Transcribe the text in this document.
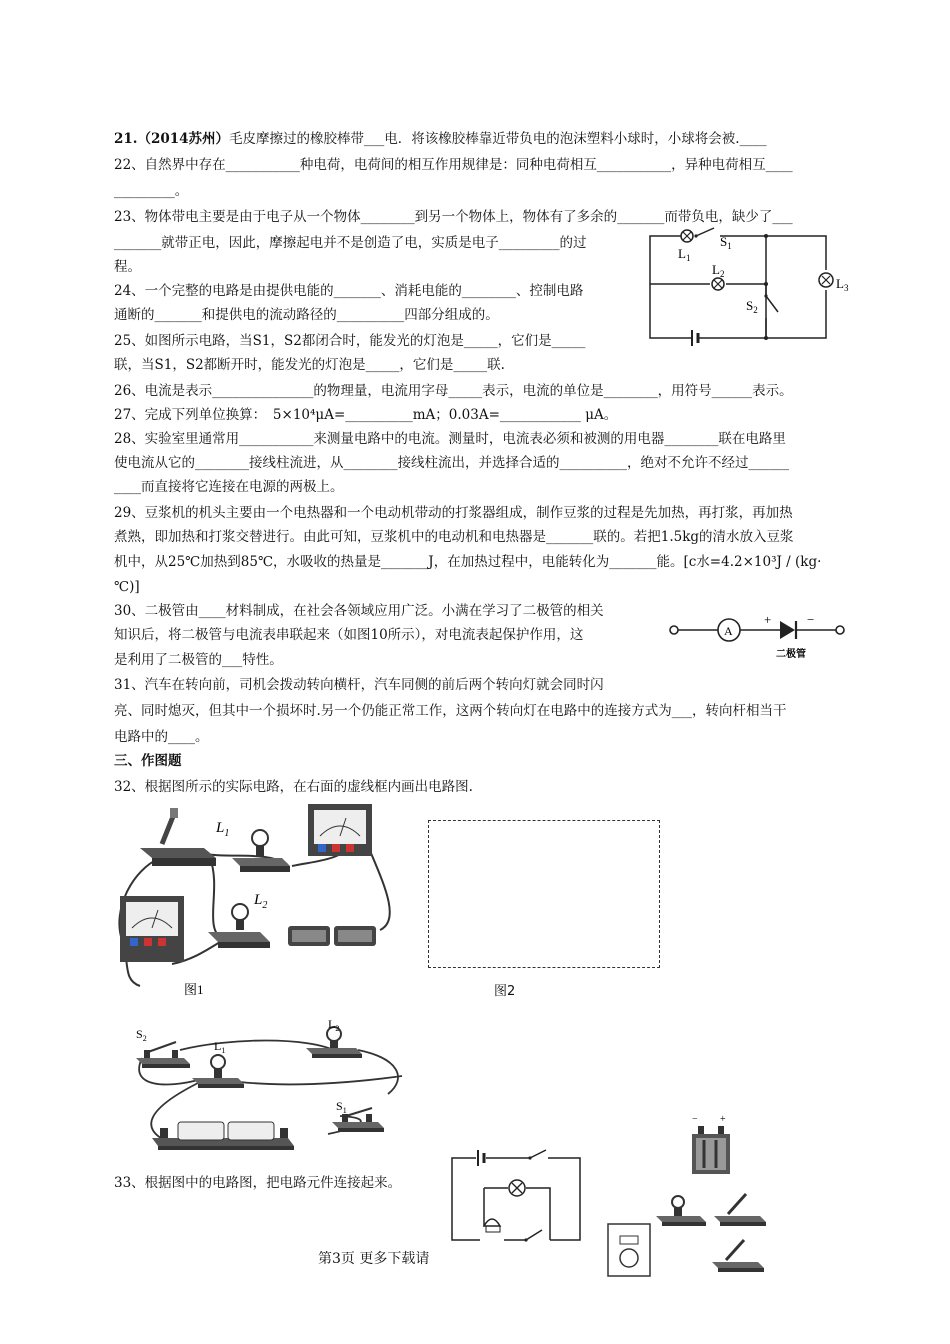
21.（2014苏州）毛皮摩擦过的橡胶棒带___电．将该橡胶棒靠近带负电的泡沫塑料小球时，小球将会被.____
22、自然界中存在___________种电荷，电荷间的相互作用规律是：同种电荷相互___________，异种电荷相互____
_________。
23、物体带电主要是由于电子从一个物体________到另一个物体上，物体有了多余的_______而带负电，缺少了___
_______就带正电，因此，摩擦起电并不是创造了电，实质是电子_________的过
程。
24、一个完整的电路是由提供电能的_______、消耗电能的________、控制电路
通断的_______和提供电的流动路径的__________四部分组成的。
25、如图所示电路，当S1，S2都闭合时，能发光的灯泡是_____，它们是_____
联，当S1，S2都断开时，能发光的灯泡是_____，它们是_____联.
26、电流是表示_______________的物理量，电流用字母_____表示，电流的单位是________，用符号______表示。
27、完成下列单位换算：　5×10⁴μA=__________mA；0.03A=____________ μA。
28、实验室里通常用___________来测量电路中的电流。测量时，电流表必须和被测的用电器________联在电路里
使电流从它的________接线柱流进，从________接线柱流出，并选择合适的__________，绝对不允许不经过______
____而直接将它连接在电源的两极上。
29、豆浆机的机头主要由一个电热器和一个电动机带动的打浆器组成，制作豆浆的过程是先加热，再打浆，再加热
煮熟，即加热和打浆交替进行。由此可知，豆浆机中的电动机和电热器是_______联的。若把1.5kg的清水放入豆浆
机中，从25℃加热到85℃，水吸收的热量是_______J，在加热过程中，电能转化为_______能。[c水=4.2×10³J / (kg·
℃)]
30、二极管由____材料制成，在社会各领域应用广泛。小满在学习了二极管的相关
知识后，将二极管与电流表串联起来（如图10所示），对电流表起保护作用，这
是利用了二极管的___特性。
31、汽车在转向前，司机会拨动转向横杆，汽车同侧的前后两个转向灯就会同时闪
亮、同时熄灭，但其中一个损坏时.另一个仍能正常工作，这两个转向灯在电路中的连接方式为___，转向杆相当干
电路中的____。
三、作图题
32、根据图所示的实际电路，在右面的虚线框内画出电路图.
33、根据图中的电路图，把电路元件连接起来。
第3页 更多下载请
$L_1$
$S_1$
$L_2$
$L_3$
$S_2$
A
+	−
二极管
$L_1$
$L_2$
图1	图2
$S_2$
$L_1$
$L_2$
$S_1$
− +
